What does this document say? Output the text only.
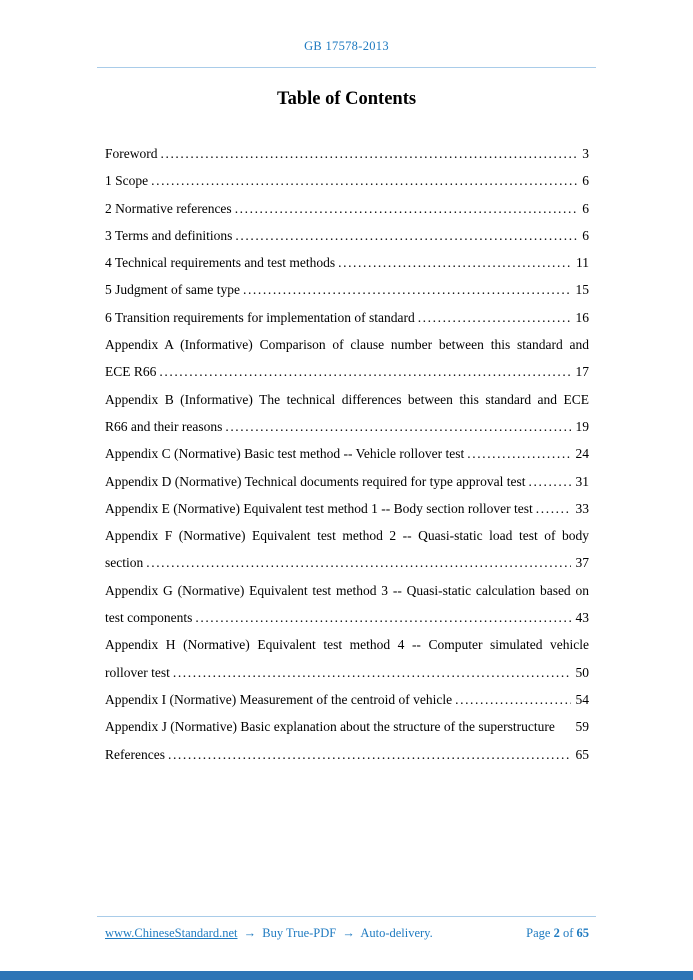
GB 17578-2013
Table of Contents
Foreword .....	3
1 Scope .....	6
2 Normative references .....	6
3 Terms and definitions .....	6
4 Technical requirements and test methods .....	11
5 Judgment of same type .....	15
6 Transition requirements for implementation of standard .....	16
Appendix A (Informative) Comparison of clause number between this standard and
ECE R66 .....	17
Appendix B (Informative) The technical differences between this standard and ECE
R66 and their reasons .....	19
Appendix C (Normative) Basic test method -- Vehicle rollover test .....	24
Appendix D (Normative) Technical documents required for type approval test .....	31
Appendix E (Normative) Equivalent test method 1 -- Body section rollover test .....	33
Appendix F (Normative) Equivalent test method 2 -- Quasi-static load test of body
section .....	37
Appendix G (Normative) Equivalent test method 3 -- Quasi-static calculation based on
test components .....	43
Appendix H (Normative) Equivalent test method 4 -- Computer simulated vehicle
rollover test .....	50
Appendix I (Normative) Measurement of the centroid of vehicle .....	54
Appendix J (Normative) Basic explanation about the structure of the superstructure 59
References .....	65
www.ChineseStandard.net → Buy True-PDF → Auto-delivery.	Page 2 of 65
